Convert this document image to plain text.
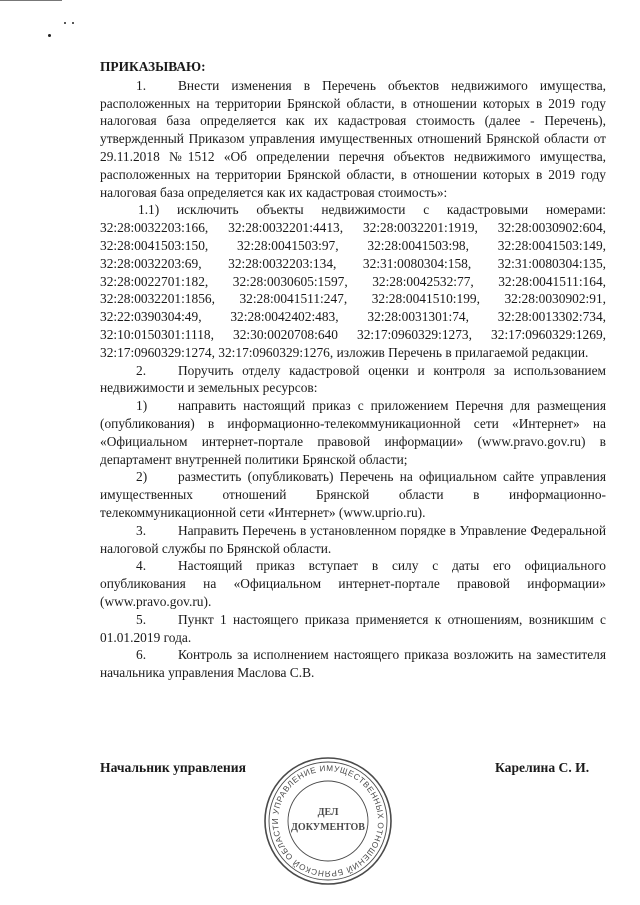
ПРИКАЗЫВАЮ:

1. Внести изменения в Перечень объектов недвижимого имущества, расположенных на территории Брянской области, в отношении которых в 2019 году налоговая база определяется как их кадастровая стоимость (далее - Перечень), утвержденный Приказом управления имущественных отношений Брянской области от 29.11.2018 №1512 «Об определении перечня объектов недвижимого имущества, расположенных на территории Брянской области, в отношении которых в 2019 году налоговая база определяется как их кадастровая стоимость»:

1.1) исключить объекты недвижимости с кадастровыми номерами: 32:28:0032203:166, 32:28:0032201:4413, 32:28:0032201:1919, 32:28:0030902:604, 32:28:0041503:150, 32:28:0041503:97, 32:28:0041503:98, 32:28:0041503:149, 32:28:0032203:69, 32:28:0032203:134, 32:31:0080304:158, 32:31:0080304:135, 32:28:0022701:182, 32:28:0030605:1597, 32:28:0042532:77, 32:28:0041511:164, 32:28:0032201:1856, 32:28:0041511:247, 32:28:0041510:199, 32:28:0030902:91, 32:22:0390304:49, 32:28:0042402:483, 32:28:0031301:74, 32:28:0013302:734, 32:10:0150301:1118, 32:30:0020708:640 32:17:0960329:1273, 32:17:0960329:1269, 32:17:0960329:1274, 32:17:0960329:1276, изложив Перечень в прилагаемой редакции.

2. Поручить отделу кадастровой оценки и контроля за использованием недвижимости и земельных ресурсов:

1) направить настоящий приказ с приложением Перечня для размещения (опубликования) в информационно-телекоммуникационной сети «Интернет» на «Официальном интернет-портале правовой информации» (www.pravo.gov.ru) в департамент внутренней политики Брянской области;

2) разместить (опубликовать) Перечень на официальном сайте управления имущественных отношений Брянской области в информационно-телекоммуникационной сети «Интернет» (www.uprio.ru).

3. Направить Перечень в установленном порядке в Управление Федеральной налоговой службы по Брянской области.

4. Настоящий приказ вступает в силу с даты его официального опубликования на «Официальном интернет-портале правовой информации» (www.pravo.gov.ru).

5. Пункт 1 настоящего приказа применяется к отношениям, возникшим с 01.01.2019 года.

6. Контроль за исполнением настоящего приказа возложить на заместителя начальника управления Маслова С.В.

Начальник управления	Карелина С. И.
УПРАВЛЕНИЕ ИМУЩЕСТВЕННЫХ ОТНОШЕНИЙ БРЯНСКОЙ ОБЛАСТИ
ДЕЛ
ДОКУМЕНТОВ
